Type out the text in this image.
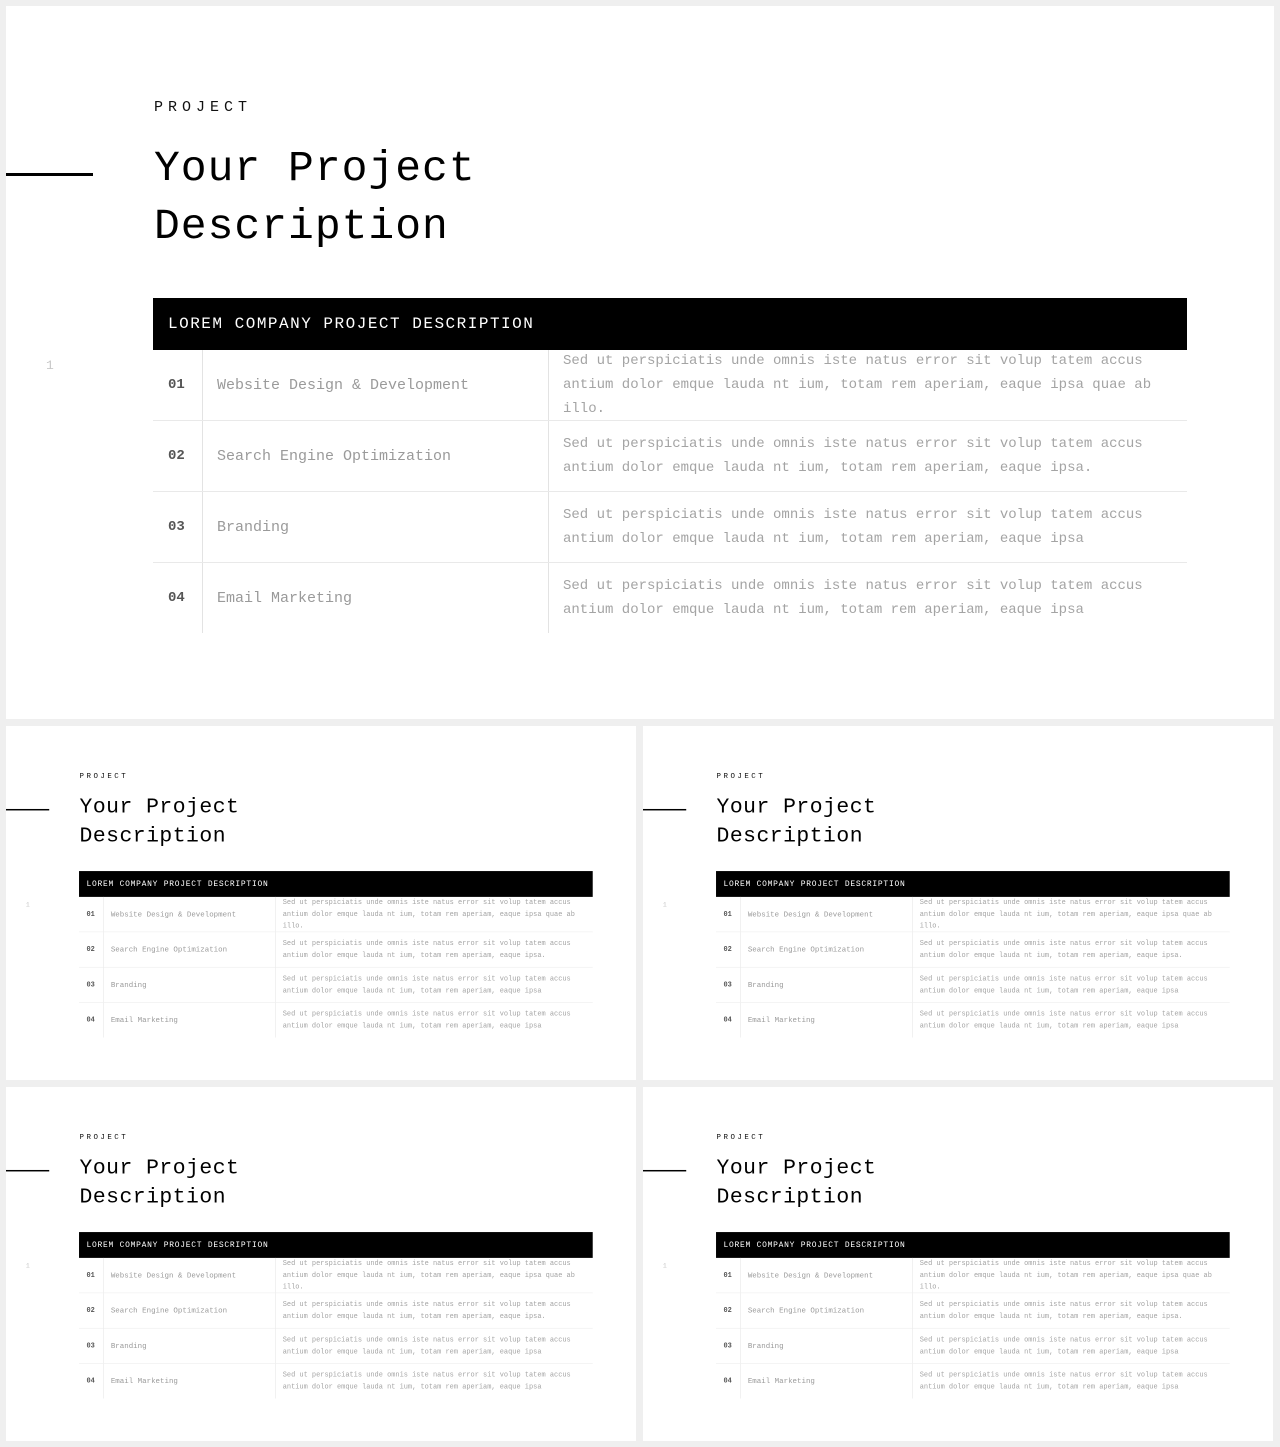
1
PROJECT
Your Project
Description
LOREM COMPANY PROJECT DESCRIPTION
01	Website Design & Development
Sed ut perspiciatis unde omnis iste natus error sit volup tatem accus antium dolor emque lauda nt ium, totam rem aperiam, eaque ipsa quae ab illo.
02	Search Engine Optimization
Sed ut perspiciatis unde omnis iste natus error sit volup tatem accus antium dolor emque lauda nt ium, totam rem aperiam, eaque ipsa.
03	Branding
Sed ut perspiciatis unde omnis iste natus error sit volup tatem accus antium dolor emque lauda nt ium, totam rem aperiam, eaque ipsa
04	Email Marketing
Sed ut perspiciatis unde omnis iste natus error sit volup tatem accus antium dolor emque lauda nt ium, totam rem aperiam, eaque ipsa
1
PROJECT
Your Project
Description
LOREM COMPANY PROJECT DESCRIPTION
01	Website Design & Development
Sed ut perspiciatis unde omnis iste natus error sit volup tatem accus antium dolor emque lauda nt ium, totam rem aperiam, eaque ipsa quae ab illo.
02	Search Engine Optimization
Sed ut perspiciatis unde omnis iste natus error sit volup tatem accus antium dolor emque lauda nt ium, totam rem aperiam, eaque ipsa.
03	Branding
Sed ut perspiciatis unde omnis iste natus error sit volup tatem accus antium dolor emque lauda nt ium, totam rem aperiam, eaque ipsa
04	Email Marketing
Sed ut perspiciatis unde omnis iste natus error sit volup tatem accus antium dolor emque lauda nt ium, totam rem aperiam, eaque ipsa
1
PROJECT
Your Project
Description
LOREM COMPANY PROJECT DESCRIPTION
01	Website Design & Development
Sed ut perspiciatis unde omnis iste natus error sit volup tatem accus antium dolor emque lauda nt ium, totam rem aperiam, eaque ipsa quae ab illo.
02	Search Engine Optimization
Sed ut perspiciatis unde omnis iste natus error sit volup tatem accus antium dolor emque lauda nt ium, totam rem aperiam, eaque ipsa.
03	Branding
Sed ut perspiciatis unde omnis iste natus error sit volup tatem accus antium dolor emque lauda nt ium, totam rem aperiam, eaque ipsa
04	Email Marketing
Sed ut perspiciatis unde omnis iste natus error sit volup tatem accus antium dolor emque lauda nt ium, totam rem aperiam, eaque ipsa
1
PROJECT
Your Project
Description
LOREM COMPANY PROJECT DESCRIPTION
01	Website Design & Development
Sed ut perspiciatis unde omnis iste natus error sit volup tatem accus antium dolor emque lauda nt ium, totam rem aperiam, eaque ipsa quae ab illo.
02	Search Engine Optimization
Sed ut perspiciatis unde omnis iste natus error sit volup tatem accus antium dolor emque lauda nt ium, totam rem aperiam, eaque ipsa.
03	Branding
Sed ut perspiciatis unde omnis iste natus error sit volup tatem accus antium dolor emque lauda nt ium, totam rem aperiam, eaque ipsa
04	Email Marketing
Sed ut perspiciatis unde omnis iste natus error sit volup tatem accus antium dolor emque lauda nt ium, totam rem aperiam, eaque ipsa
1
PROJECT
Your Project
Description
LOREM COMPANY PROJECT DESCRIPTION
01	Website Design & Development
Sed ut perspiciatis unde omnis iste natus error sit volup tatem accus antium dolor emque lauda nt ium, totam rem aperiam, eaque ipsa quae ab illo.
02	Search Engine Optimization
Sed ut perspiciatis unde omnis iste natus error sit volup tatem accus antium dolor emque lauda nt ium, totam rem aperiam, eaque ipsa.
03	Branding
Sed ut perspiciatis unde omnis iste natus error sit volup tatem accus antium dolor emque lauda nt ium, totam rem aperiam, eaque ipsa
04	Email Marketing
Sed ut perspiciatis unde omnis iste natus error sit volup tatem accus antium dolor emque lauda nt ium, totam rem aperiam, eaque ipsa
